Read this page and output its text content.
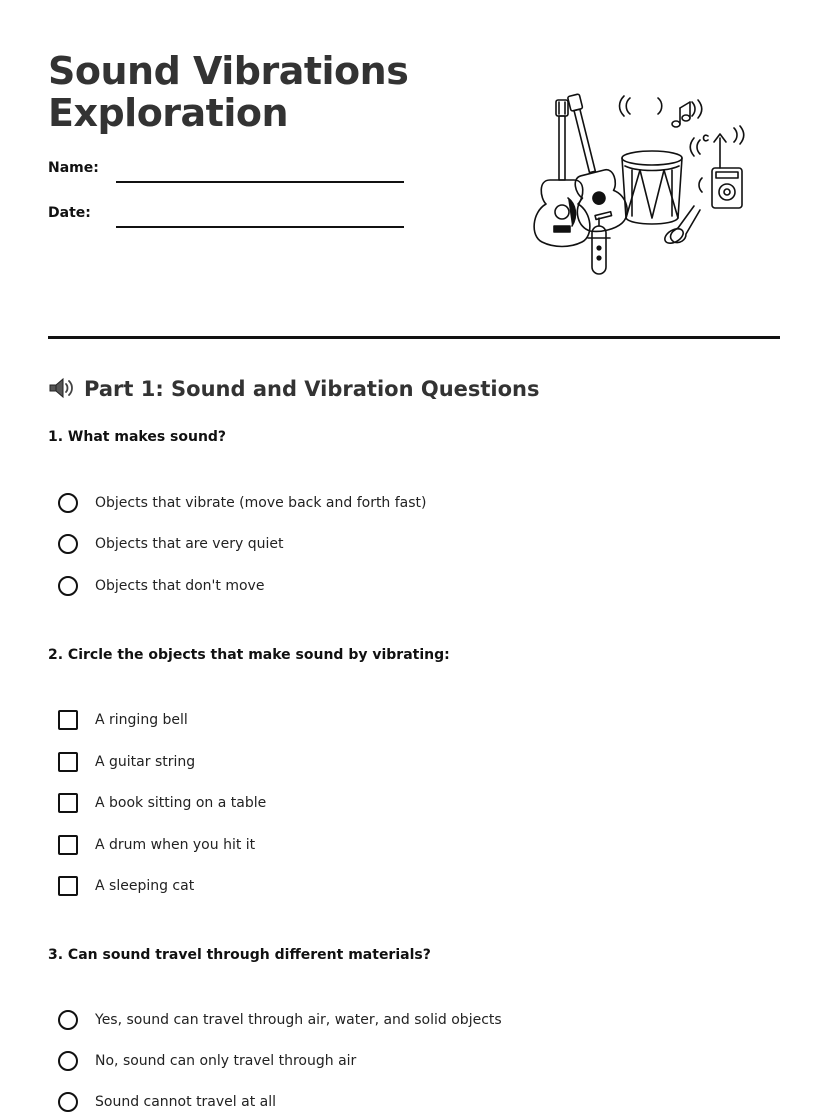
Sound Vibrations
Exploration
Name:
Date:
Part 1: Sound and Vibration Questions

1. What makes sound?

Objects that vibrate (move back and forth fast)
Objects that are very quiet
Objects that don't move

2. Circle the objects that make sound by vibrating:

A ringing bell
A guitar string
A book sitting on a table
A drum when you hit it
A sleeping cat

3. Can sound travel through different materials?

Yes, sound can travel through air, water, and solid objects
No, sound can only travel through air
Sound cannot travel at all
